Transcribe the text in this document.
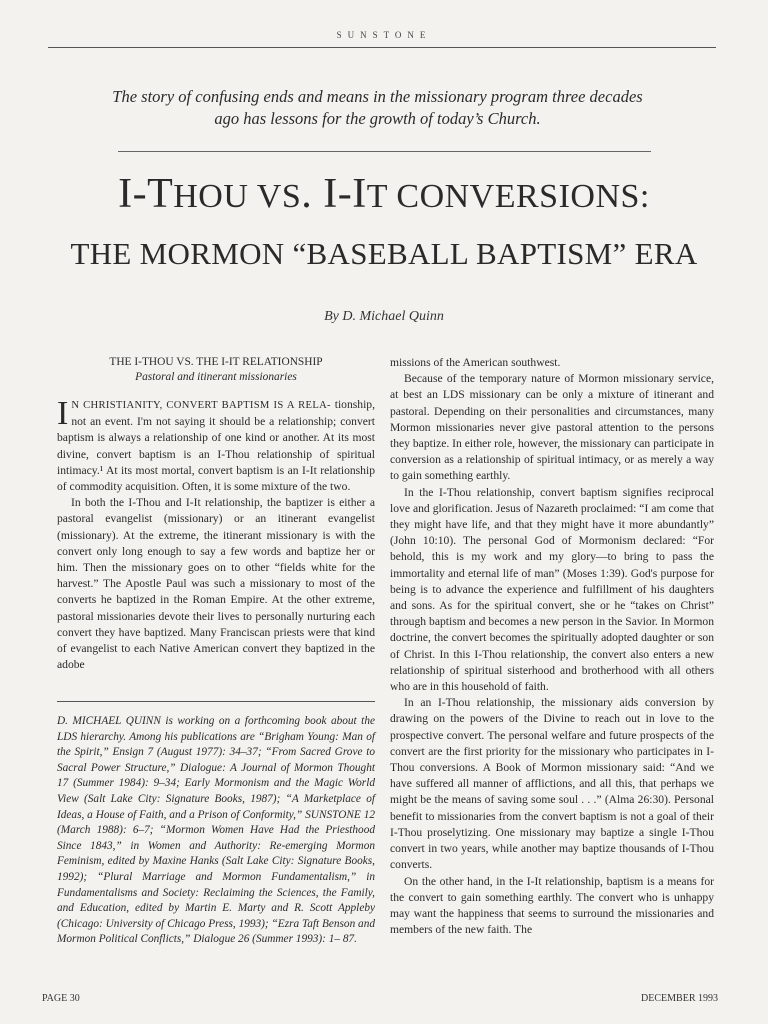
SUNSTONE
The story of confusing ends and means in the missionary program three decades ago has lessons for the growth of today’s Church.
I-THOU VS. I-IT CONVERSIONS:
THE MORMON “BASEBALL BAPTISM” ERA
By D. Michael Quinn
THE I-THOU VS. THE I-IT RELATIONSHIP
Pastoral and itinerant missionaries

I N CHRISTIANITY, CONVERT BAPTISM IS A RELA- tionship, not an event. I'm not saying it should be a relationship; convert baptism is always a relationship of one kind or another. At its most divine, convert baptism is an I-Thou relationship of spiritual intimacy.¹ At its most mortal, convert baptism is an I-It relationship of commodity acquisition. Often, it is some mixture of the two.

In both the I-Thou and I-It relationship, the baptizer is either a pastoral evangelist (missionary) or an itinerant evangelist (missionary). At the extreme, the itinerant missionary is with the convert only long enough to say a few words and baptize her or him. Then the missionary goes on to other “fields white for the harvest.” The Apostle Paul was such a missionary to most of the converts he baptized in the Roman Empire. At the other extreme, pastoral missionaries devote their lives to personally nurturing each convert they have baptized. Many Franciscan priests were that kind of evangelist to each Native American convert they baptized in the adobe

D. MICHAEL QUINN is working on a forthcoming book about the LDS hierarchy. Among his publications are “Brigham Young: Man of the Spirit,” Ensign 7 (August 1977): 34–37; “From Sacred Grove to Sacral Power Structure,” Dialogue: A Journal of Mormon Thought 17 (Summer 1984): 9–34; Early Mormonism and the Magic World View (Salt Lake City: Signature Books, 1987); “A Marketplace of Ideas, a House of Faith, and a Prison of Conformity,” SUNSTONE 12 (March 1988): 6–7; “Mormon Women Have Had the Priesthood Since 1843,” in Women and Authority: Re-emerging Mormon Feminism, edited by Maxine Hanks (Salt Lake City: Signature Books, 1992); “Plural Marriage and Mormon Fundamentalism,” in Fundamentalisms and Society: Reclaiming the Sciences, the Family, and Education, edited by Martin E. Marty and R. Scott Appleby (Chicago: University of Chicago Press, 1993); “Ezra Taft Benson and Mormon Political Conflicts,” Dialogue 26 (Summer 1993): 1– 87.

missions of the American southwest.

Because of the temporary nature of Mormon missionary service, at best an LDS missionary can be only a mixture of itinerant and pastoral. Depending on their personalities and circumstances, many Mormon missionaries never give pastoral attention to the persons they baptize. In either role, however, the missionary can participate in conversion as a relationship of spiritual intimacy, or as merely a way to gain something earthly.

In the I-Thou relationship, convert baptism signifies reciprocal love and glorification. Jesus of Nazareth proclaimed: “I am come that they might have life, and that they might have it more abundantly” (John 10:10). The personal God of Mormonism declared: “For behold, this is my work and my glory—to bring to pass the immortality and eternal life of man” (Moses 1:39). God's purpose for being is to advance the experience and fulfillment of his daughters and sons. As for the spiritual convert, she or he “takes on Christ” through baptism and becomes a new person in the Savior. In Mormon doctrine, the convert becomes the spiritually adopted daughter or son of Christ. In this I-Thou relationship, the convert also enters a new relationship of spiritual sisterhood and brotherhood with all others who are in this household of faith.

In an I-Thou relationship, the missionary aids conversion by drawing on the powers of the Divine to reach out in love to the prospective convert. The personal welfare and future prospects of the convert are the first priority for the missionary who participates in I-Thou conversions. A Book of Mormon missionary said: “And we have suffered all manner of afflictions, and all this, that perhaps we might be the means of saving some soul . . .” (Alma 26:30). Personal benefit to missionaries from the convert baptism is not a goal of their I-Thou proselytizing. One missionary may baptize a single I-Thou convert in two years, while another may baptize thousands of I-Thou converts.

On the other hand, in the I-It relationship, baptism is a means for the convert to gain something earthly. The convert who is unhappy may want the happiness that seems to surround the missionaries and members of the new faith. The

PAGE 30	DECEMBER 1993
